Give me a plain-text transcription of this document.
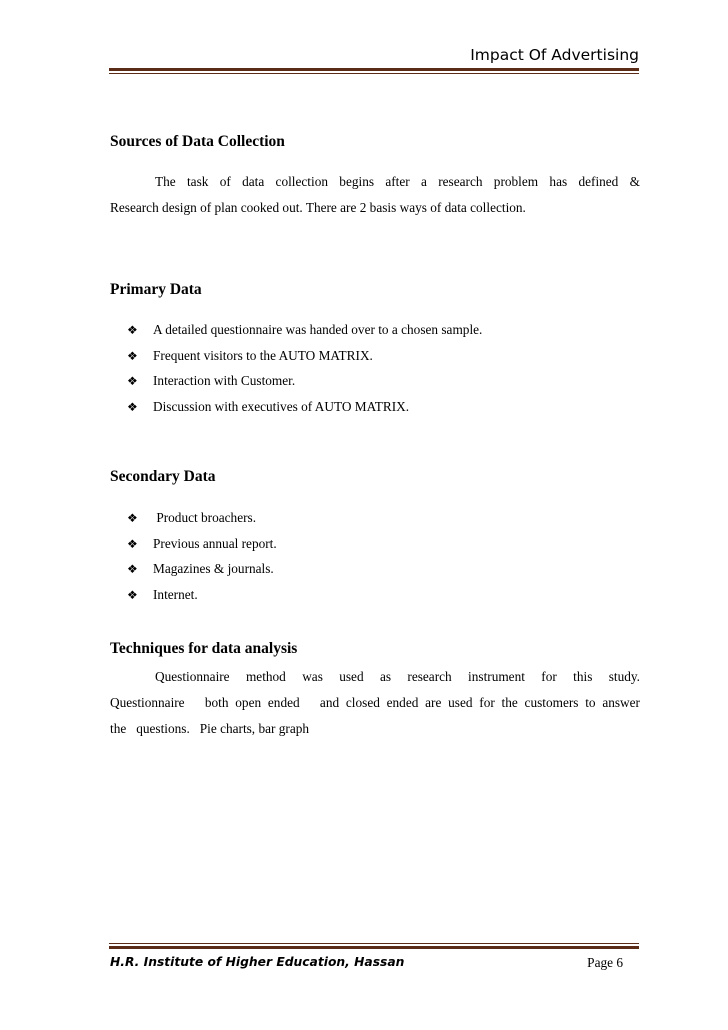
Impact Of Advertising
Sources of Data Collection

The task of data collection begins after a research problem has defined &

Research design of plan cooked out. There are 2 basis ways of data collection.

Primary Data
❖ A detailed questionnaire was handed over to a chosen sample.
❖ Frequent visitors to the AUTO MATRIX.
❖ Interaction with Customer.
❖ Discussion with executives of AUTO MATRIX.
Secondary Data
❖ Product broachers.
❖ Previous annual report.
❖ Magazines & journals.
❖ Internet.
Techniques for data analysis

Questionnaire method was used as research instrument for this study.

Questionnaire   both open ended   and closed ended are used for the customers to answer

the   questions.   Pie charts, bar graph

H.R. Institute of Higher Education, Hassan	Page 6
